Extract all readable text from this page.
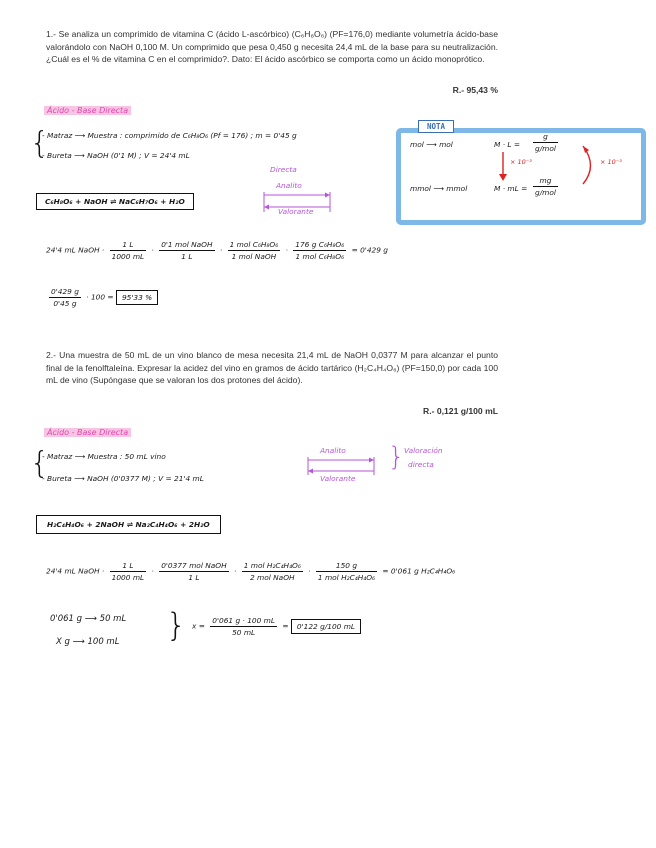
1.- Se analiza un comprimido de vitamina C (ácido L-ascórbico) (C₆H₈O₆) (PF=176,0) mediante volumetría ácido-base valorándolo con NaOH 0,100 M. Un comprimido que pesa 0,450 g necesita 24,4 mL de la base para su neutralización. ¿Cuál es el % de vitamina C en el comprimido?. Dato: El ácido ascórbico se comporta como un ácido monoprótico.
R.- 95,43 %
Ácido - Base Directa
{
- Matraz ⟶ Muestra : comprimido de C₆H₈O₆ (Pf = 176) ; m = 0'45 g
- Bureta ⟶ NaOH (0'1 M) ; V = 24'4 mL
Directa
Analito
Valorante
C₆H₈O₆ + NaOH ⇌ NaC₆H₇O₆ + H₂O
NOTA
mol ⟶ mol	$M \cdot L = \frac{g}{\text{g/mol}}$
mmol ⟶ mmol	M · mL = $\frac{mg}{\text{g/mol}}$
× 10⁻³	× 10⁻³
24'4 mL NaOH · $\frac{1 L}{1000 mL} \cdot \frac{\text{0'1 mol NaOH}}{1 L} \cdot \frac{\text{1 mol C₆H₈O₆}}{\text{1 mol NaOH}} \cdot \frac{\text{176 g C₆H₈O₆}}{\text{1 mol C₆H₈O₆}} = 0'429$ g
$\frac{0'429 g}{0'45 g} \cdot 100 = 95'33$ %
2.- Una muestra de 50 mL de un vino blanco de mesa necesita 21,4 mL de NaOH 0,0377 M para alcanzar el punto final de la fenolftaleína. Expresar la acidez del vino en gramos de ácido tartárico (H₂C₄H₄O₆) (PF=150,0) por cada 100 mL de vino (Supóngase que se valoran los dos protones del ácido).
R.- 0,121 g/100 mL
Ácido - Base Directa
{
- Matraz ⟶ Muestra : 50 mL vino
- Bureta ⟶ NaOH (0'0377 M) ; V = 21'4 mL
Analito
Valorante
} Valoración
directa
H₂C₄H₄O₆ + 2NaOH ⇌ Na₂C₄H₄O₆ + 2H₂O
24'4 mL NaOH · $\frac{1 L}{1000 mL} \cdot \frac{\text{0'0377 mol NaOH}}{1 L} \cdot \frac{\text{1 mol H₂C₄H₄O₆}}{\text{2 mol NaOH}} \cdot \frac{150 g}{\text{1 mol H₂C₄H₄O₆}} = 0'061$ g H₂C₄H₄O₆
0'061 g ⟶ 50 mL
X g ⟶ 100 mL } $x = \frac{0'061 g \cdot 100 mL}{50 mL} = 0'122$ g/100 mL
